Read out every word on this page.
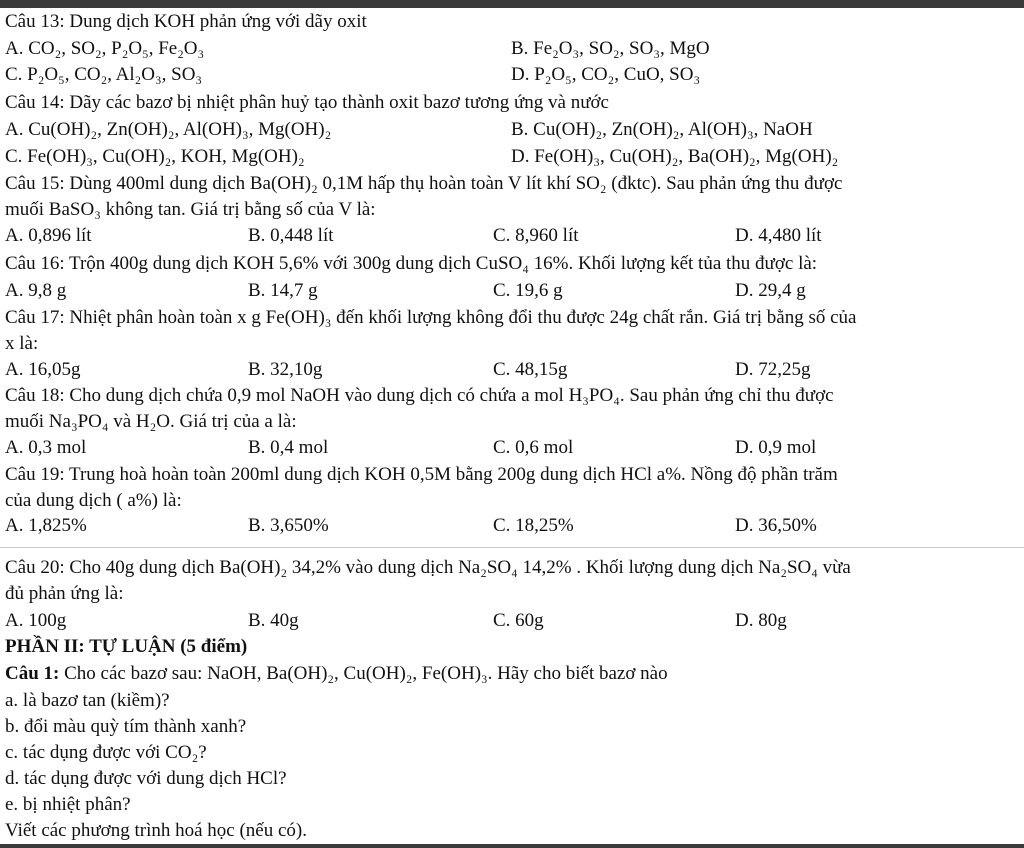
Câu 13: Dung dịch KOH phản ứng với dãy oxit
A. CO₂, SO₂, P₂O₅, Fe₂O₃	B. Fe₂O₃, SO₂, SO₃, MgO
C. P₂O₅, CO₂, Al₂O₃, SO₃	D. P₂O₅, CO₂, CuO, SO₃
Câu 14: Dãy các bazơ bị nhiệt phân huỷ tạo thành oxit bazơ tương ứng và nước
A. Cu(OH)₂, Zn(OH)₂, Al(OH)₃, Mg(OH)₂	B. Cu(OH)₂, Zn(OH)₂, Al(OH)₃, NaOH
C. Fe(OH)₃, Cu(OH)₂, KOH, Mg(OH)₂	D. Fe(OH)₃, Cu(OH)₂, Ba(OH)₂, Mg(OH)₂
Câu 15: Dùng 400ml dung dịch Ba(OH)₂ 0,1M hấp thụ hoàn toàn V lít khí SO₂ (đktc). Sau phản ứng thu được
muối BaSO₃ không tan. Giá trị bằng số của V là:
A. 0,896 lít	B. 0,448 lít	C. 8,960 lít	D. 4,480 lít
Câu 16: Trộn 400g dung dịch KOH 5,6% với 300g dung dịch CuSO₄ 16%. Khối lượng kết tủa thu được là:
A. 9,8 g	B. 14,7 g	C. 19,6 g	D. 29,4 g
Câu 17: Nhiệt phân hoàn toàn x g Fe(OH)₃ đến khối lượng không đổi thu được 24g chất rắn. Giá trị bằng số của
x là:
A. 16,05g	B. 32,10g	C. 48,15g	D. 72,25g
Câu 18: Cho dung dịch chứa 0,9 mol NaOH vào dung dịch có chứa a mol H₃PO₄. Sau phản ứng chỉ thu được
muối Na₃PO₄ và H₂O. Giá trị của a là:
A. 0,3 mol	B. 0,4 mol	C. 0,6 mol	D. 0,9 mol
Câu 19: Trung hoà hoàn toàn 200ml dung dịch KOH 0,5M bằng 200g dung dịch HCl a%. Nồng độ phần trăm
của dung dịch ( a%) là:
A. 1,825%	B. 3,650%	C. 18,25%	D. 36,50%
Câu 20: Cho 40g dung dịch Ba(OH)₂ 34,2% vào dung dịch Na₂SO₄ 14,2% . Khối lượng dung dịch Na₂SO₄ vừa
đủ phản ứng là:
A. 100g	B. 40g	C. 60g	D. 80g
PHẦN II: TỰ LUẬN (5 điểm)
Câu 1: Cho các bazơ sau: NaOH, Ba(OH)₂, Cu(OH)₂, Fe(OH)₃. Hãy cho biết bazơ nào
a. là bazơ tan (kiềm)?
b. đổi màu quỳ tím thành xanh?
c. tác dụng được với CO₂?
d. tác dụng được với dung dịch HCl?
e. bị nhiệt phân?
Viết các phương trình hoá học (nếu có).
